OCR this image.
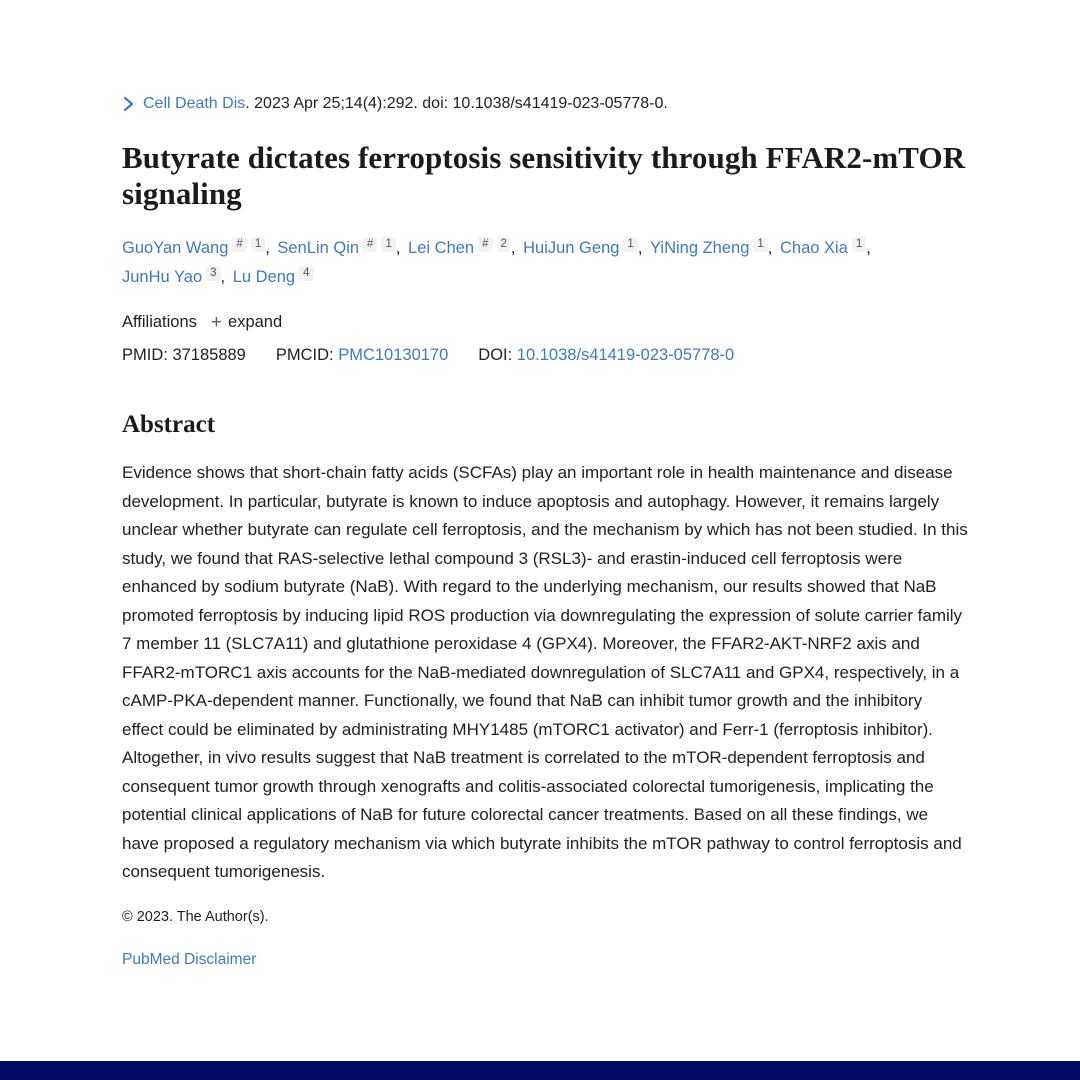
Cell Death Dis. 2023 Apr 25;14(4):292. doi: 10.1038/s41419-023-05778-0.
Butyrate dictates ferroptosis sensitivity through FFAR2-mTOR signaling
GuoYan Wang # 1 , SenLin Qin # 1 , Lei Chen # 2 , HuiJun Geng 1 , YiNing Zheng 1 , Chao Xia 1 , JunHu Yao 3 , Lu Deng 4
Affiliations + expand
PMID: 37185889 PMCID: PMC10130170 DOI: 10.1038/s41419-023-05778-0
Abstract

Evidence shows that short-chain fatty acids (SCFAs) play an important role in health maintenance and disease development. In particular, butyrate is known to induce apoptosis and autophagy. However, it remains largely unclear whether butyrate can regulate cell ferroptosis, and the mechanism by which has not been studied. In this study, we found that RAS-selective lethal compound 3 (RSL3)- and erastin-induced cell ferroptosis were enhanced by sodium butyrate (NaB). With regard to the underlying mechanism, our results showed that NaB promoted ferroptosis by inducing lipid ROS production via downregulating the expression of solute carrier family 7 member 11 (SLC7A11) and glutathione peroxidase 4 (GPX4). Moreover, the FFAR2-AKT-NRF2 axis and FFAR2-mTORC1 axis accounts for the NaB-mediated downregulation of SLC7A11 and GPX4, respectively, in a cAMP-PKA-dependent manner. Functionally, we found that NaB can inhibit tumor growth and the inhibitory effect could be eliminated by administrating MHY1485 (mTORC1 activator) and Ferr-1 (ferroptosis inhibitor). Altogether, in vivo results suggest that NaB treatment is correlated to the mTOR-dependent ferroptosis and consequent tumor growth through xenografts and colitis-associated colorectal tumorigenesis, implicating the potential clinical applications of NaB for future colorectal cancer treatments. Based on all these findings, we have proposed a regulatory mechanism via which butyrate inhibits the mTOR pathway to control ferroptosis and consequent tumorigenesis.

© 2023. The Author(s).

PubMed Disclaimer
